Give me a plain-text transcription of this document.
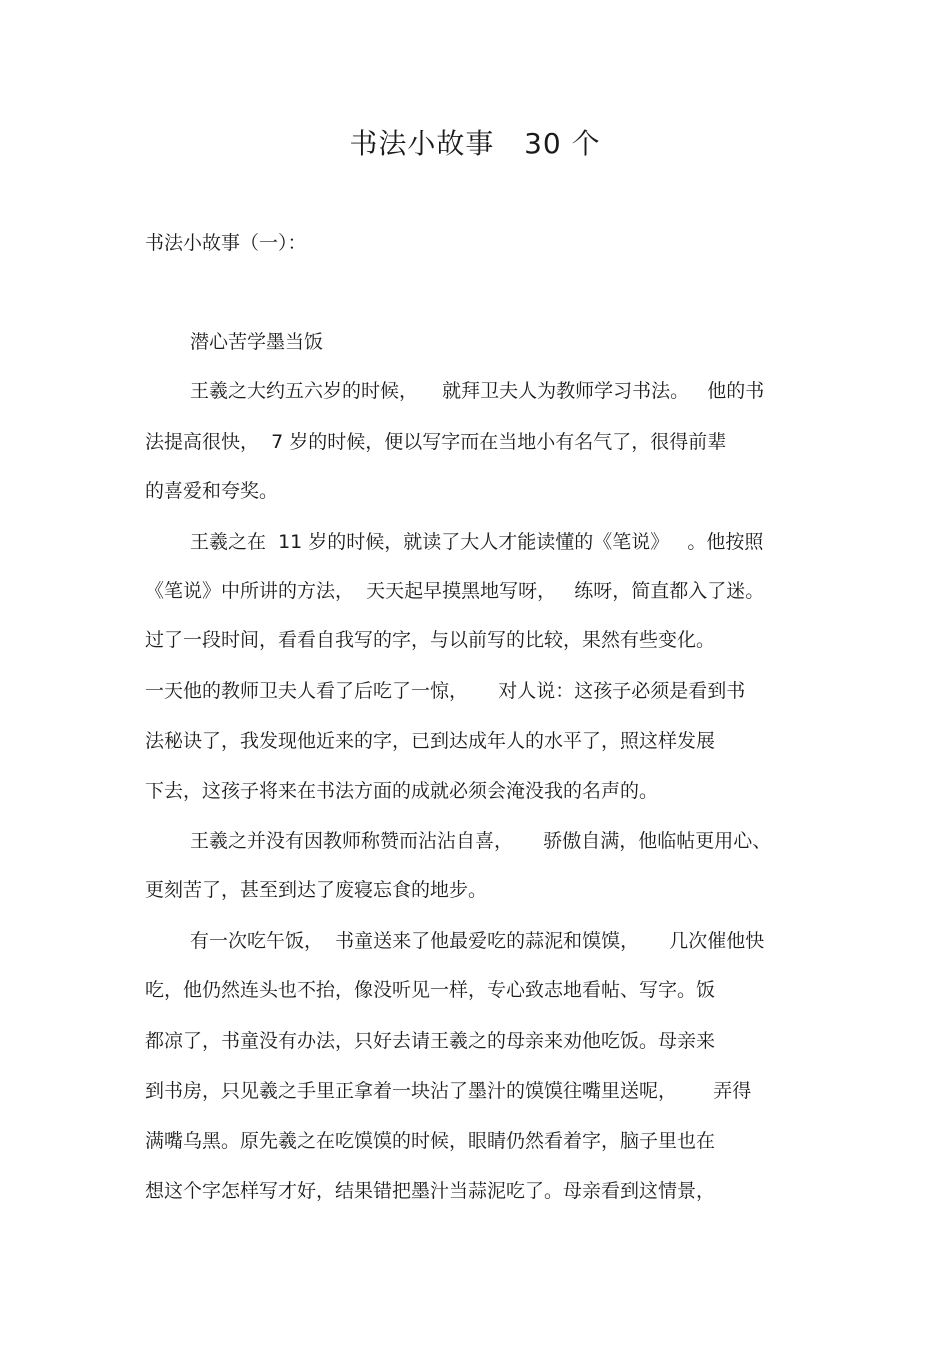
书法小故事   30 个
书法小故事（一）：
潜心苦学墨当饭
王羲之大约五六岁的时候，    就拜卫夫人为教师学习书法。   他的书
法提高很快，  7 岁的时候，便以写字而在当地小有名气了，很得前辈
的喜爱和夸奖。
王羲之在  11 岁的时候，就读了大人才能读懂的《笔说》   。他按照
《笔说》中所讲的方法，  天天起早摸黑地写呀，   练呀，简直都入了迷。
过了一段时间，看看自我写的字，与以前写的比较，果然有些变化。
一天他的教师卫夫人看了后吃了一惊，     对人说：这孩子必须是看到书
法秘诀了，我发现他近来的字，已到达成年人的水平了，照这样发展
下去，这孩子将来在书法方面的成就必须会淹没我的名声的。
王羲之并没有因教师称赞而沾沾自喜，     骄傲自满，他临帖更用心、
更刻苦了，甚至到达了废寝忘食的地步。
有一次吃午饭，  书童送来了他最爱吃的蒜泥和馍馍，     几次催他快
吃，他仍然连头也不抬，像没听见一样，专心致志地看帖、写字。饭
都凉了，书童没有办法，只好去请王羲之的母亲来劝他吃饭。母亲来
到书房，只见羲之手里正拿着一块沾了墨汁的馍馍往嘴里送呢，      弄得
满嘴乌黑。原先羲之在吃馍馍的时候，眼睛仍然看着字，脑子里也在
想这个字怎样写才好，结果错把墨汁当蒜泥吃了。母亲看到这情景，
